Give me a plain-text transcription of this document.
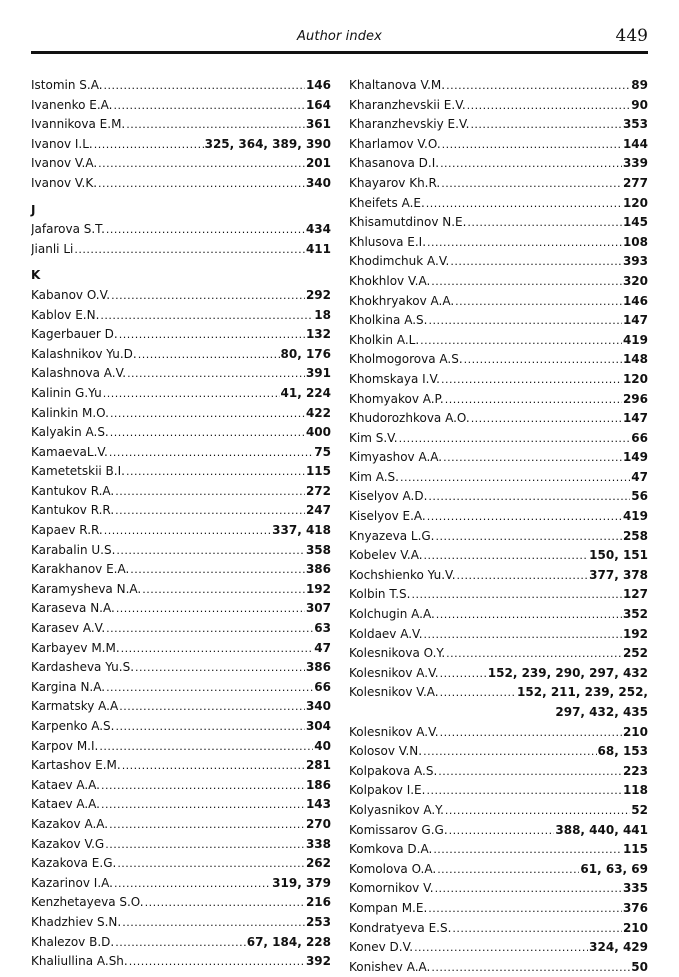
Author index	449
Istomin S.A. .....	146
Ivanenko E.A. .....	164
Ivannikova E.M. .....	361
Ivanov I.L. .....	325, 364, 389, 390
Ivanov V.A. .....	201
Ivanov V.K. .....	340
J
Jafarova S.T. .....	434
Jianli Li .....	411
K
Kabanov O.V. .....	292
Kablov E.N. .....	18
Kagerbauer D. .....	132
Kalashnikov Yu.D. .....	80, 176
Kalashnova A.V. .....	391
Kalinin G.Yu .....	41, 224
Kalinkin M.O. .....	422
Kalyakin A.S. .....	400
KamaevaL.V. .....	75
Kametetskii B.I. .....	115
Kantukov R.A. .....	272
Kantukov R.R. .....	247
Kapaev R.R. .....	337, 418
Karabalin U.S. .....	358
Karakhanov E.A. .....	386
Karamysheva N.A. .....	192
Karaseva N.A. .....	307
Karasev A.V. .....	63
Karbayev M.M. .....	47
Kardasheva Yu.S. .....	386
Kargina N.A. .....	66
Karmatsky A.A .....	340
Karpenko A.S. .....	304
Karpov M.I. .....	40
Kartashov E.M. .....	281
Kataev A.A. .....	186
Kataev A.A. .....	143
Kazakov A.A. .....	270
Kazakov V.G .....	338
Kazakova E.G. .....	262
Kazarinov I.A. .....	319, 379
Kenzhetayeva S.O. .....	216
Khadzhiev S.N. .....	253
Khalezov B.D. .....	67, 184, 228
Khaliullina A.Sh. .....	392
Khaltanova V.M. .....	89
Kharanzhevskii E.V. .....	90
Kharanzhevskiy E.V. .....	353
Kharlamov V.O. .....	144
Khasanova D.I. .....	339
Khayarov Kh.R. .....	277
Kheifets A.E. .....	120
Khisamutdinov N.E. .....	145
Khlusova E.I. .....	108
Khodimchuk A.V. .....	393
Khokhlov V.A. .....	320
Khokhryakov A.A. .....	146
Kholkina A.S. .....	147
Kholkin A.L. .....	419
Kholmogorova A.S. .....	148
Khomskaya I.V. .....	120
Khomyakov A.P. .....	296
Khudorozhkova A.O. .....	147
Kim S.V. .....	66
Kimyashov A.A. .....	149
Kim A.S. .....	47
Kiselyov A.D. .....	56
Kiselyov E.A. .....	419
Knyazeva L.G. .....	258
Kobelev V.A. .....	150, 151
Kochshienko Yu.V. .....	377, 378
Kolbin T.S. .....	127
Kolchugin A.A. .....	352
Koldaev A.V. .....	192
Kolesnikova O.Y. .....	252
Kolesnikov A.V. .....	152, 239, 290, 297, 432
Kolesnikov V.A. .....	152, 211, 239, 252,
297, 432, 435
Kolesnikov A.V. .....	210
Kolosov V.N. .....	68, 153
Kolpakova A.S. .....	223
Kolpakov I.E. .....	118
Kolyasnikov A.Y. .....	52
Komissarov G.G. .....	388, 440, 441
Komkova D.A. .....	115
Komolova O.A. .....	61, 63, 69
Komornikov V. .....	335
Kompan M.E. .....	376
Kondratyeva E.S. .....	210
Konev D.V. .....	324, 429
Konishev A.A. .....	50
